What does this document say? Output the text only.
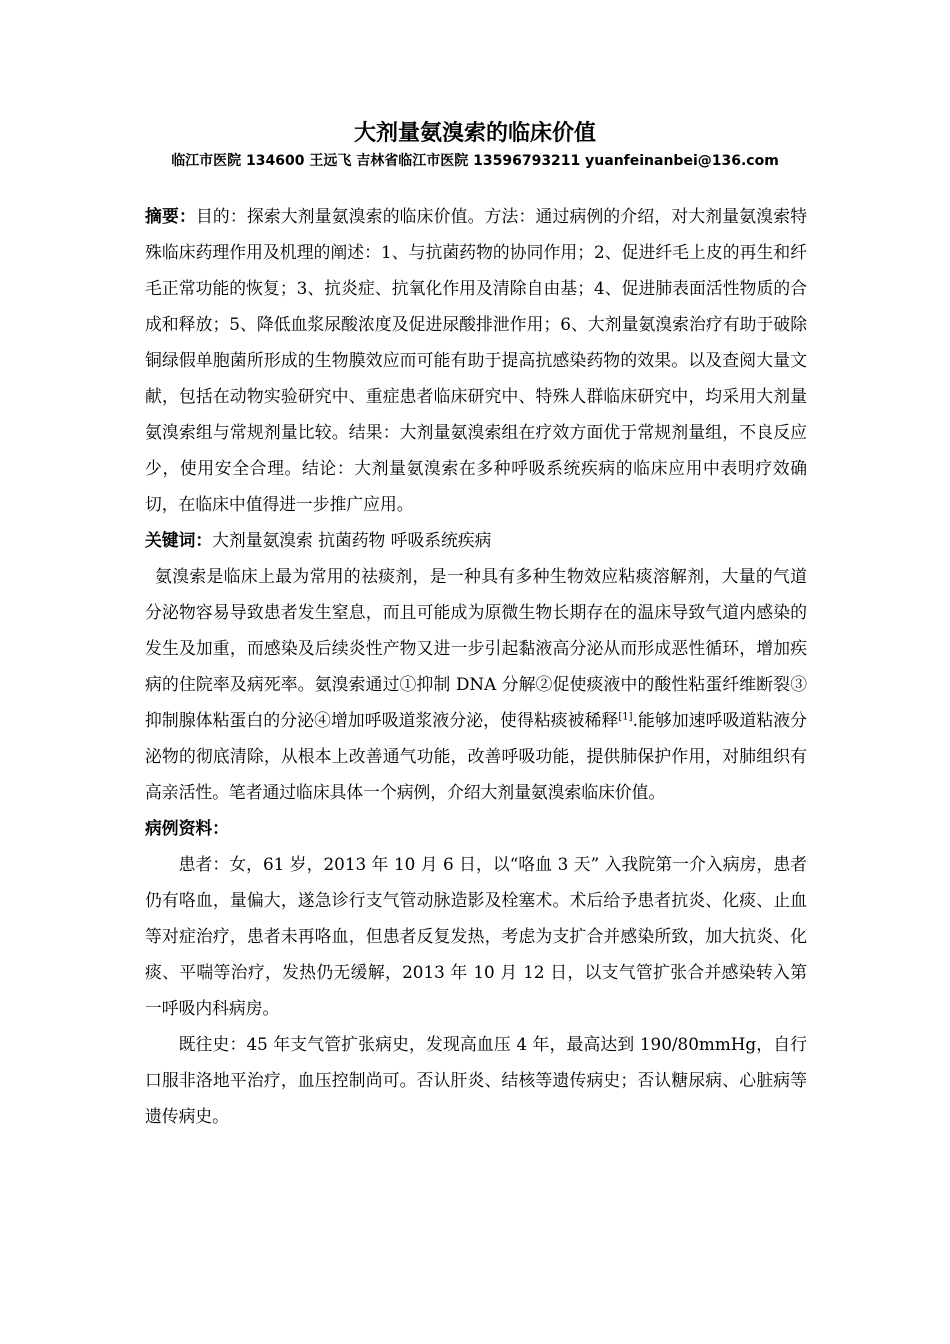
大剂量氨溴索的临床价值
临江市医院 134600 王远飞 吉林省临江市医院 13596793211 yuanfeinanbei@136.com

摘要：目的：探索大剂量氨溴索的临床价值。方法：通过病例的介绍，对大剂量氨溴索特殊临床药理作用及机理的阐述：1、与抗菌药物的协同作用；2、促进纤毛上皮的再生和纤毛正常功能的恢复；3、抗炎症、抗氧化作用及清除自由基；4、促进肺表面活性物质的合成和释放；5、降低血浆尿酸浓度及促进尿酸排泄作用；6、大剂量氨溴索治疗有助于破除铜绿假单胞菌所形成的生物膜效应而可能有助于提高抗感染药物的效果。以及查阅大量文献，包括在动物实验研究中、重症患者临床研究中、特殊人群临床研究中，均采用大剂量氨溴索组与常规剂量比较。结果：大剂量氨溴索组在疗效方面优于常规剂量组，不良反应少，使用安全合理。结论：大剂量氨溴索在多种呼吸系统疾病的临床应用中表明疗效确切，在临床中值得进一步推广应用。

关键词：大剂量氨溴索 抗菌药物 呼吸系统疾病

氨溴索是临床上最为常用的祛痰剂，是一种具有多种生物效应粘痰溶解剂，大量的气道分泌物容易导致患者发生窒息，而且可能成为原微生物长期存在的温床导致气道内感染的发生及加重，而感染及后续炎性产物又进一步引起黏液高分泌从而形成恶性循环，增加疾病的住院率及病死率。氨溴索通过①抑制 DNA 分解②促使痰液中的酸性粘蛋纤维断裂③抑制腺体粘蛋白的分泌④增加呼吸道浆液分泌，使得粘痰被稀释[1].能够加速呼吸道粘液分泌物的彻底清除，从根本上改善通气功能，改善呼吸功能，提供肺保护作用，对肺组织有高亲活性。笔者通过临床具体一个病例，介绍大剂量氨溴索临床价值。

病例资料：

患者：女，61 岁，2013 年 10 月 6 日，以“咯血 3 天” 入我院第一介入病房，患者仍有咯血，量偏大，遂急诊行支气管动脉造影及栓塞术。术后给予患者抗炎、化痰、止血等对症治疗，患者未再咯血，但患者反复发热，考虑为支扩合并感染所致，加大抗炎、化痰、平喘等治疗，发热仍无缓解，2013 年 10 月 12 日，以支气管扩张合并感染转入第一呼吸内科病房。

既往史：45 年支气管扩张病史，发现高血压 4 年，最高达到 190/80mmHg，自行口服非洛地平治疗，血压控制尚可。否认肝炎、结核等遗传病史；否认糖尿病、心脏病等遗传病史。
